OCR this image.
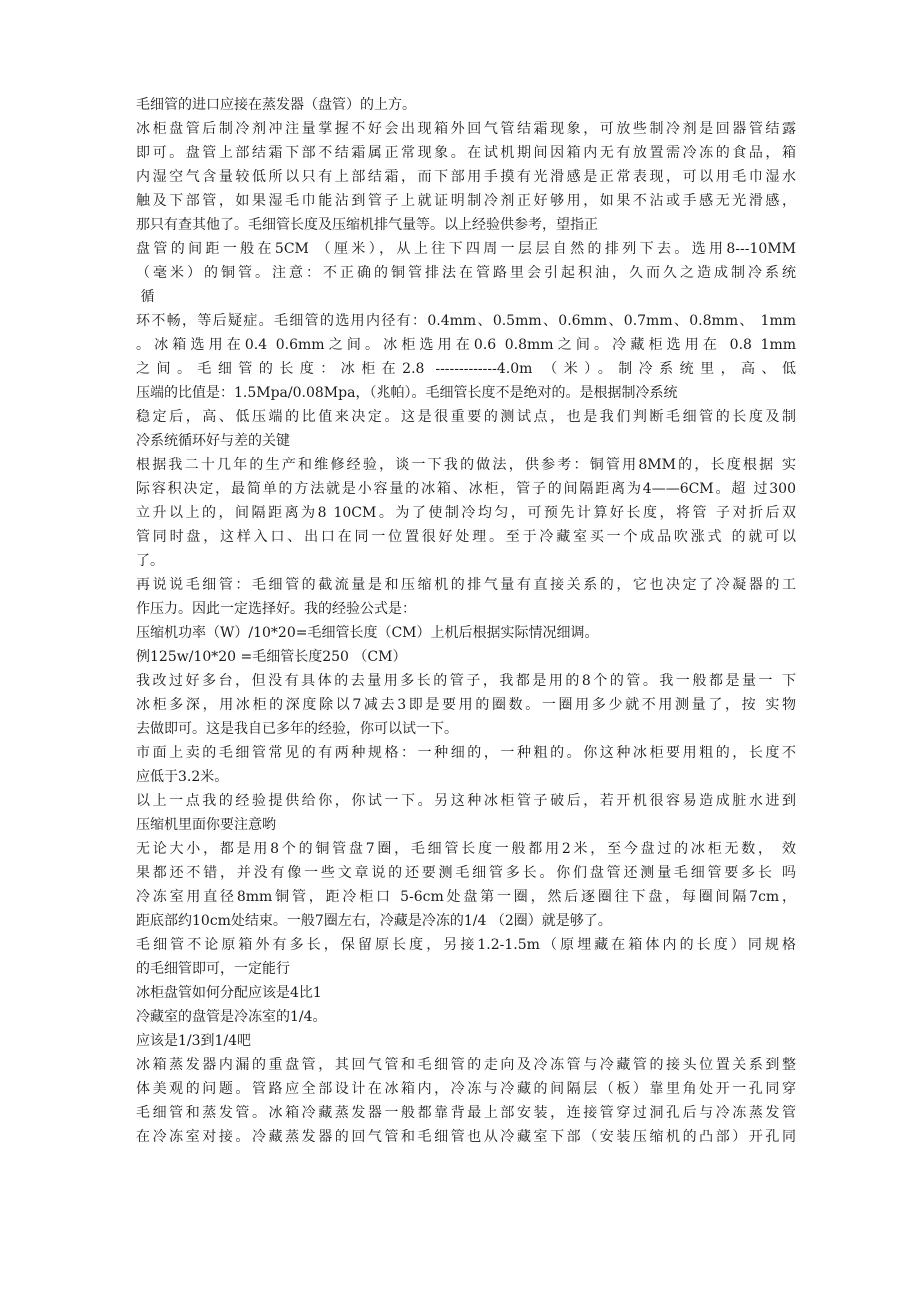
毛细管的进口应接在蒸发器（盘管）的上方。
冰柜盘管后制冷剂冲注量掌握不好会出现箱外回气管结霜现象，可放些制冷剂是回器管结露
即可。盘管上部结霜下部不结霜属正常现象。在试机期间因箱内无有放置需冷冻的食品，箱
内湿空气含量较低所以只有上部结霜，而下部用手摸有光滑感是正常表现，可以用毛巾湿水
触及下部管，如果湿毛巾能沾到管子上就证明制冷剂正好够用，如果不沾或手感无光滑感，
那只有查其他了。毛细管长度及压缩机排气量等。以上经验供参考，望指正
盘管的间距一般在5CM （厘米），从上往下四周一层层自然的排列下去。选用8---10MM
（毫米）的铜管。注意：不正确的铜管排法在管路里会引起积油，久而久之造成制冷系统
循
环不畅，等后疑症。毛细管的选用内径有：0.4mm、0.5mm、0.6mm、0.7mm、0.8mm、 1mm
。冰箱选用在0.4 0.6mm之间。冰柜选用在0.6 0.8mm之间。冷藏柜选用在 0.8 1mm
之间。毛细管的长度：冰柜在2.8 -------------4.0m （米）。制冷系统里，高、低
压端的比值是：1.5Mpa/0.08Mpa，（兆帕）。毛细管长度不是绝对的。是根据制冷系统
稳定后，高、低压端的比值来决定。这是很重要的测试点，也是我们判断毛细管的长度及制
冷系统循环好与差的关键
根据我二十几年的生产和维修经验，谈一下我的做法，供参考：铜管用8MM的，长度根据 实
际容积决定，最简单的方法就是小容量的冰箱、冰柜，管子的间隔距离为4——6CM。超 过300
立升以上的，间隔距离为8 10CM。为了使制冷均匀，可预先计算好长度，将管 子对折后双
管同时盘，这样入口、出口在同一位置很好处理。至于冷藏室买一个成品吹涨式 的就可以
了。
再说说毛细管：毛细管的截流量是和压缩机的排气量有直接关系的，它也决定了冷凝器的工
作压力。因此一定选择好。我的经验公式是：
压缩机功率（W）/10*20=毛细管长度（CM）上机后根据实际情况细调。
例125w/10*20 =毛细管长度250 （CM）
我改过好多台，但没有具体的去量用多长的管子，我都是用的8个的管。我一般都是量一 下
冰柜多深，用冰柜的深度除以7减去3即是要用的圈数。一圈用多少就不用测量了，按 实物
去做即可。这是我自已多年的经验，你可以试一下。
市面上卖的毛细管常见的有两种规格：一种细的，一种粗的。你这种冰柜要用粗的，长度不
应低于3.2米。
以上一点我的经验提供给你，你试一下。另这种冰柜管子破后，若开机很容易造成脏水进到
压缩机里面你要注意哟
无论大小，都是用8个的铜管盘7圈，毛细管长度一般都用2米，至今盘过的冰柜无数， 效
果都还不错，并没有像一些文章说的还要测毛细管多长。你们盘管还测量毛细管要多长 吗
冷冻室用直径8mm铜管，距冷柜口 5-6cm处盘第一圈，然后逐圈往下盘，每圈间隔7cm，
距底部约10cm处结束。一般7圈左右，冷藏是冷冻的1/4 （2圈）就是够了。
毛细管不论原箱外有多长，保留原长度，另接1.2-1.5m（原埋藏在箱体内的长度）同规格
的毛细管即可，一定能行
冰柜盘管如何分配应该是4比1
冷藏室的盘管是冷冻室的1/4。
应该是1/3到1/4吧
冰箱蒸发器内漏的重盘管，其回气管和毛细管的走向及冷冻管与冷藏管的接头位置关系到整
体美观的问题。管路应全部设计在冰箱内，冷冻与冷藏的间隔层（板）靠里角处开一孔同穿
毛细管和蒸发管。冰箱冷藏蒸发器一般都靠背最上部安装，连接管穿过洞孔后与冷冻蒸发管
在冷冻室对接。冷藏蒸发器的回气管和毛细管也从冷藏室下部（安装压缩机的凸部）开孔同
